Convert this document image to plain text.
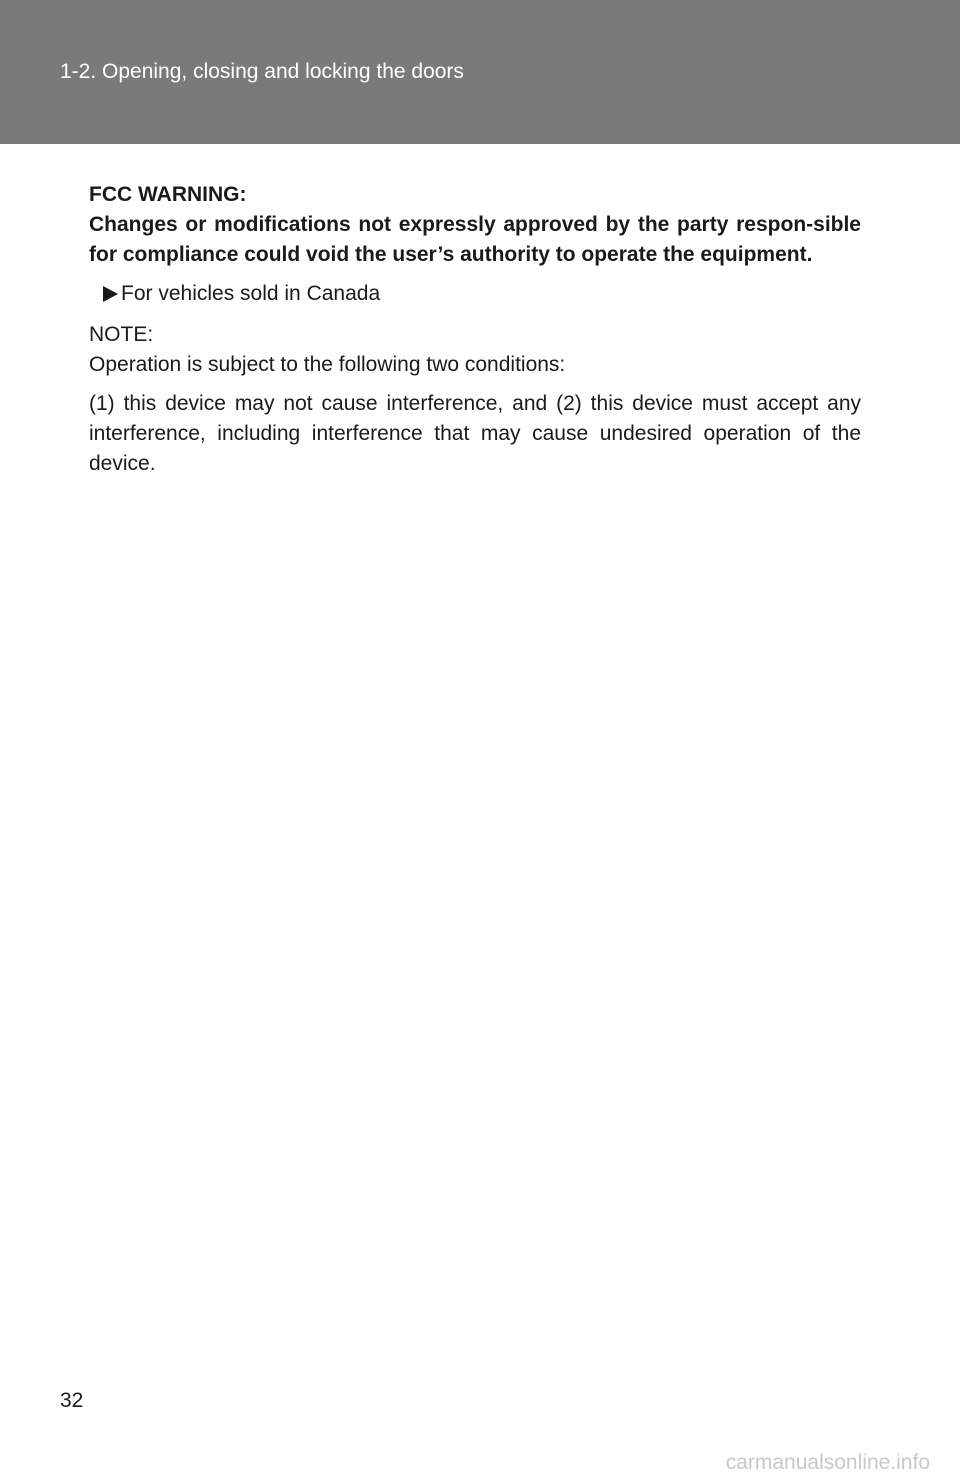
1-2. Opening, closing and locking the doors

FCC WARNING:

Changes or modifications not expressly approved by the party respon-sible for compliance could void the user’s authority to operate the equipment.

For vehicles sold in Canada

NOTE:

Operation is subject to the following two conditions:

(1) this device may not cause interference, and (2) this device must accept any interference, including interference that may cause undesired operation of the device.

32
carmanualsonline.info
